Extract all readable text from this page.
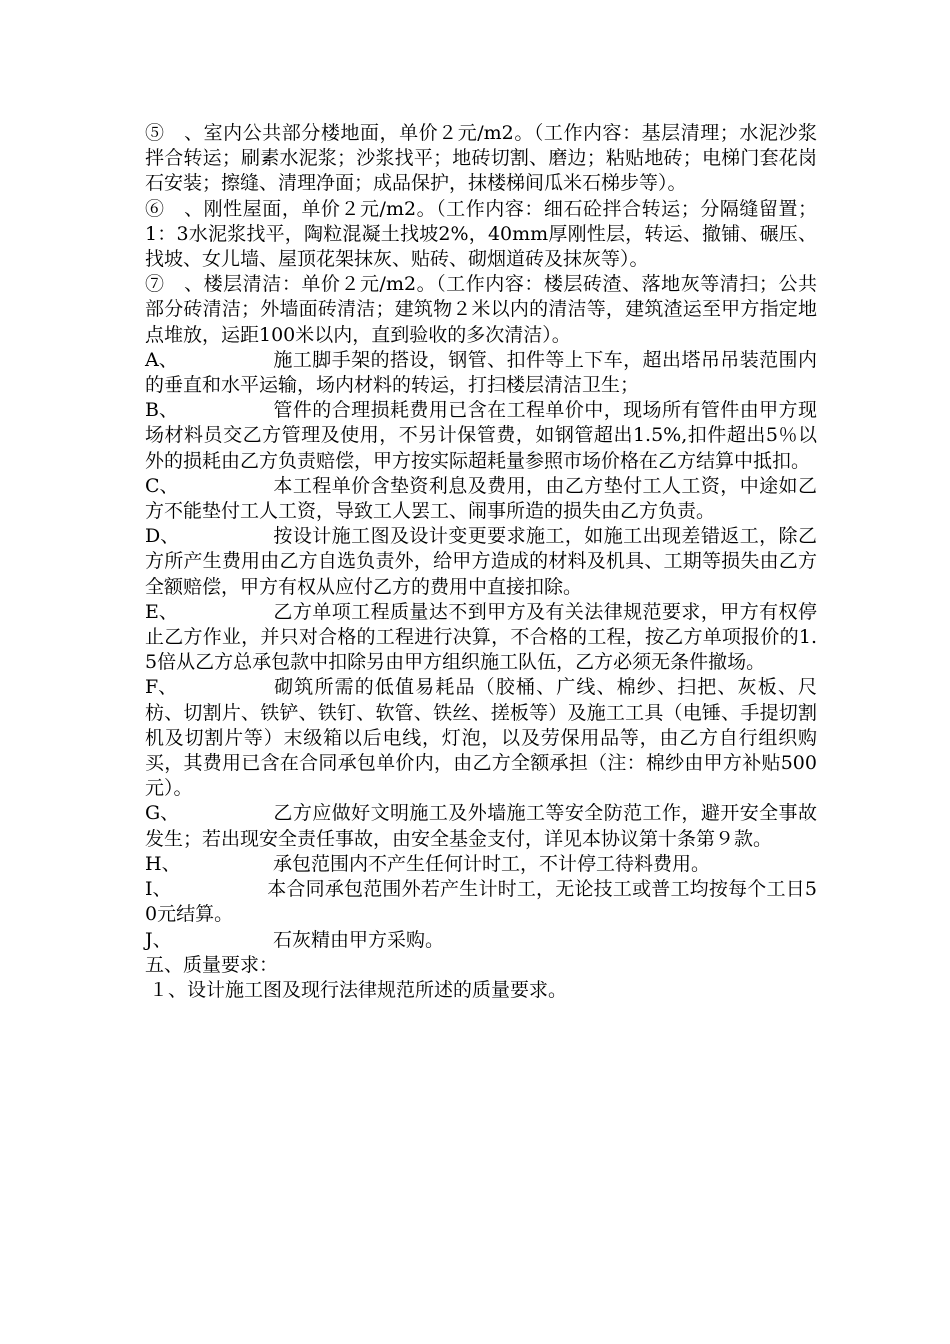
⑤　、室内公共部分楼地面，单价２元/m2。（工作内容：基层清理；水泥沙浆拌合转运；刷素水泥浆；沙浆找平；地砖切割、磨边；粘贴地砖；电梯门套花岗石安装；擦缝、清理净面；成品保护，抹楼梯间瓜米石梯步等）。

⑥　、刚性屋面，单价２元/m2。（工作内容：细石砼拌合转运；分隔缝留置；1：3水泥浆找平，陶粒混凝土找坡2%，40mm厚刚性层，转运、撤铺、碾压、找坡、女儿墙、屋顶花架抹灰、贴砖、砌烟道砖及抹灰等）。

⑦　、楼层清洁：单价２元/m2。（工作内容：楼层砖渣、落地灰等清扫；公共部分砖清洁；外墙面砖清洁；建筑物２米以内的清洁等，建筑渣运至甲方指定地点堆放，运距100米以内，直到验收的多次清洁）。

A、	施工脚手架的搭设，钢管、扣件等上下车，超出塔吊吊装范围内的垂直和水平运输，场内材料的转运，打扫楼层清洁卫生；

B、	管件的合理损耗费用已含在工程单价中，现场所有管件由甲方现场材料员交乙方管理及使用，不另计保管费，如钢管超出1.5%,扣件超出5％以外的损耗由乙方负责赔偿，甲方按实际超耗量参照市场价格在乙方结算中抵扣。

C、	本工程单价含垫资利息及费用，由乙方垫付工人工资，中途如乙方不能垫付工人工资，导致工人罢工、闹事所造的损失由乙方负责。

D、	按设计施工图及设计变更要求施工，如施工出现差错返工，除乙方所产生费用由乙方自选负责外，给甲方造成的材料及机具、工期等损失由乙方全额赔偿，甲方有权从应付乙方的费用中直接扣除。

E、	乙方单项工程质量达不到甲方及有关法律规范要求，甲方有权停止乙方作业，并只对合格的工程进行决算，不合格的工程，按乙方单项报价的1.5倍从乙方总承包款中扣除另由甲方组织施工队伍，乙方必须无条件撤场。

F、	砌筑所需的低值易耗品（胶桶、广线、棉纱、扫把、灰板、尺枋、切割片、铁铲、铁钉、软管、铁丝、搓板等）及施工工具（电锤、手提切割机及切割片等）末级箱以后电线，灯泡，以及劳保用品等，由乙方自行组织购买，其费用已含在合同承包单价内，由乙方全额承担（注：棉纱由甲方补贴500元）。

G、	乙方应做好文明施工及外墙施工等安全防范工作，避开安全事故发生；若出现安全责任事故，由安全基金支付，详见本协议第十条第９款。

H、	承包范围内不产生任何计时工，不计停工待料费用。

I、	本合同承包范围外若产生计时工，无论技工或普工均按每个工日50元结算。

J、	石灰精由甲方采购。

五、质量要求：

１、设计施工图及现行法律规范所述的质量要求。
